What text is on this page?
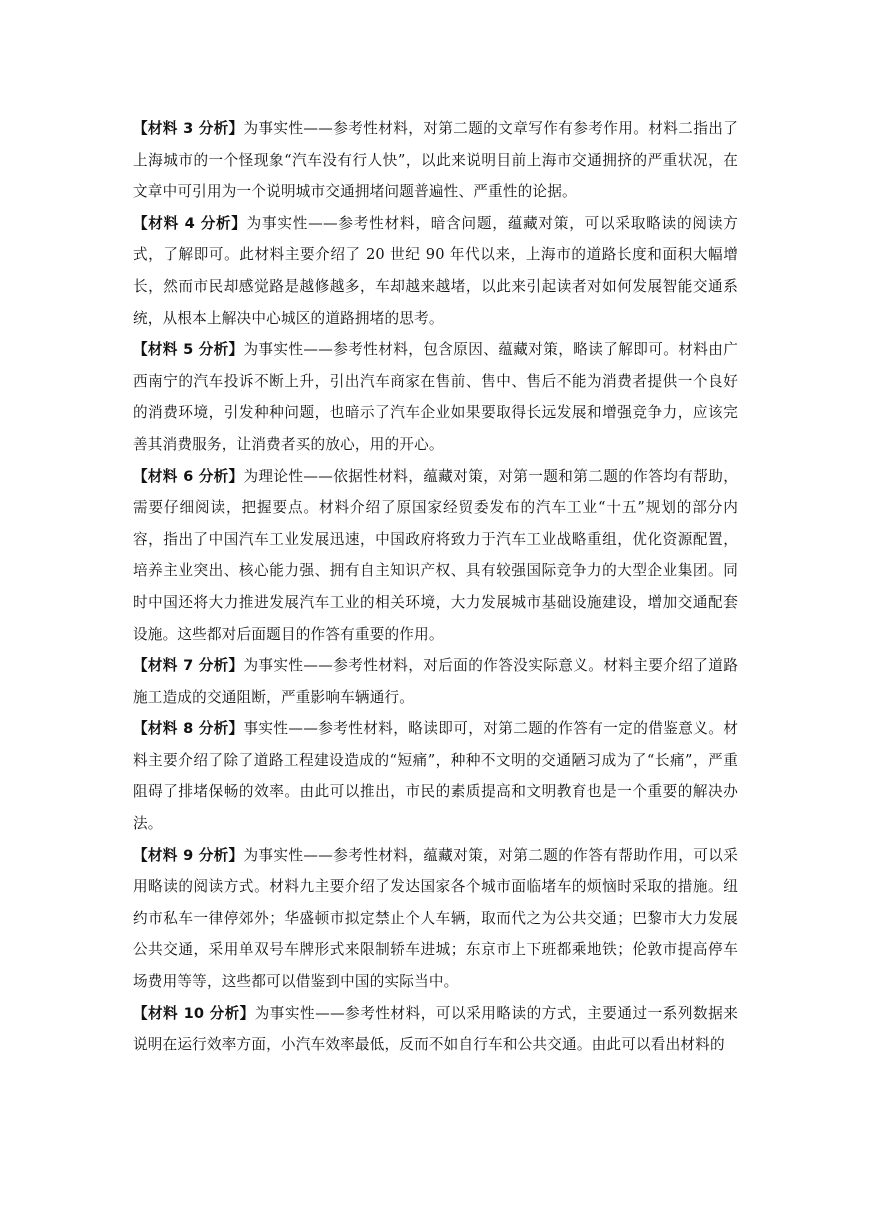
【材料 3 分析】为事实性——参考性材料，对第二题的文章写作有参考作用。材料二指出了上海城市的一个怪现象“汽车没有行人快”，以此来说明目前上海市交通拥挤的严重状况，在文章中可引用为一个说明城市交通拥堵问题普遍性、严重性的论据。

【材料 4 分析】为事实性——参考性材料，暗含问题，蕴藏对策，可以采取略读的阅读方式，了解即可。此材料主要介绍了 20 世纪 90 年代以来，上海市的道路长度和面积大幅增长，然而市民却感觉路是越修越多，车却越来越堵，以此来引起读者对如何发展智能交通系统，从根本上解决中心城区的道路拥堵的思考。

【材料 5 分析】为事实性——参考性材料，包含原因、蕴藏对策，略读了解即可。材料由广西南宁的汽车投诉不断上升，引出汽车商家在售前、售中、售后不能为消费者提供一个良好的消费环境，引发种种问题，也暗示了汽车企业如果要取得长远发展和增强竞争力，应该完善其消费服务，让消费者买的放心，用的开心。

【材料 6 分析】为理论性——依据性材料，蕴藏对策，对第一题和第二题的作答均有帮助，需要仔细阅读，把握要点。材料介绍了原国家经贸委发布的汽车工业“十五”规划的部分内容，指出了中国汽车工业发展迅速，中国政府将致力于汽车工业战略重组，优化资源配置，培养主业突出、核心能力强、拥有自主知识产权、具有较强国际竞争力的大型企业集团。同时中国还将大力推进发展汽车工业的相关环境，大力发展城市基础设施建设，增加交通配套设施。这些都对后面题目的作答有重要的作用。

【材料 7 分析】为事实性——参考性材料，对后面的作答没实际意义。材料主要介绍了道路施工造成的交通阻断，严重影响车辆通行。

【材料 8 分析】事实性——参考性材料，略读即可，对第二题的作答有一定的借鉴意义。材料主要介绍了除了道路工程建设造成的“短痛”，种种不文明的交通陋习成为了“长痛”，严重阻碍了排堵保畅的效率。由此可以推出，市民的素质提高和文明教育也是一个重要的解决办法。

【材料 9 分析】为事实性——参考性材料，蕴藏对策，对第二题的作答有帮助作用，可以采用略读的阅读方式。材料九主要介绍了发达国家各个城市面临堵车的烦恼时采取的措施。纽约市私车一律停郊外；华盛顿市拟定禁止个人车辆，取而代之为公共交通；巴黎市大力发展公共交通，采用单双号车牌形式来限制轿车进城；东京市上下班都乘地铁；伦敦市提高停车场费用等等，这些都可以借鉴到中国的实际当中。

【材料 10 分析】为事实性——参考性材料，可以采用略读的方式，主要通过一系列数据来说明在运行效率方面，小汽车效率最低，反而不如自行车和公共交通。由此可以看出材料的
